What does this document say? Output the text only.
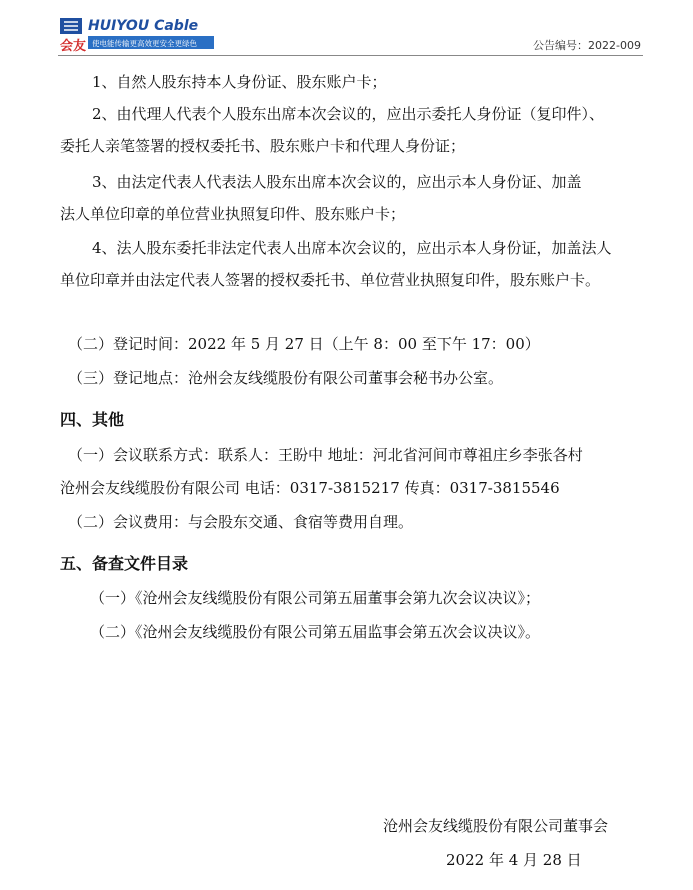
会友
HUIYOU Cable
使电能传输更高效更安全更绿色	公告编号：2022-009
1、自然人股东持本人身份证、股东账户卡；
2、由代理人代表个人股东出席本次会议的，应出示委托人身份证（复印件）、
委托人亲笔签署的授权委托书、股东账户卡和代理人身份证；
3、由法定代表人代表法人股东出席本次会议的，应出示本人身份证、加盖
法人单位印章的单位营业执照复印件、股东账户卡；
4、法人股东委托非法定代表人出席本次会议的，应出示本人身份证，加盖法人
单位印章并由法定代表人签署的授权委托书、单位营业执照复印件，股东账户卡。
（二）登记时间：2022 年 5 月 27 日（上午 8：00 至下午 17：00）
（三）登记地点：沧州会友线缆股份有限公司董事会秘书办公室。
四、其他
（一）会议联系方式：联系人：王盼中 地址：河北省河间市尊祖庄乡李张各村
沧州会友线缆股份有限公司 电话：0317-3815217 传真：0317-3815546
（二）会议费用：与会股东交通、食宿等费用自理。
五、备查文件目录
（一）《沧州会友线缆股份有限公司第五届董事会第九次会议决议》；
（二）《沧州会友线缆股份有限公司第五届监事会第五次会议决议》。
沧州会友线缆股份有限公司董事会
2022 年 4 月 28 日
